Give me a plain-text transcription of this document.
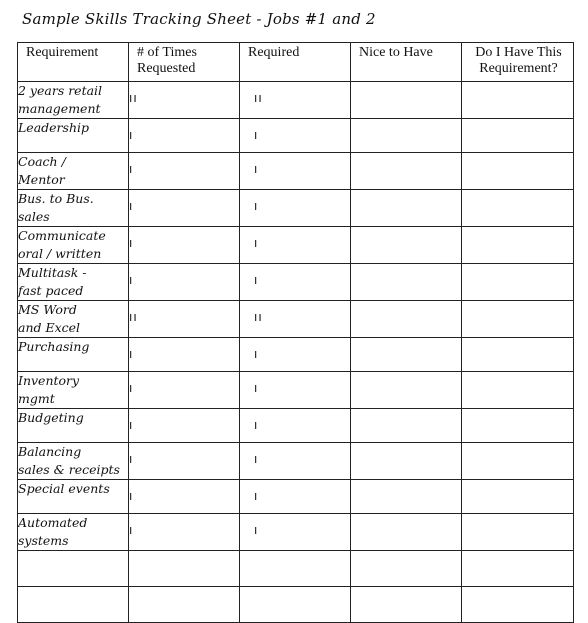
Sample Skills Tracking Sheet - Jobs #1 and 2
Requirement	# of Times Requested	Required	Nice to Have	Do I Have This Requirement?
2 years retail
management	ıı	ıı		
Leadership	ı	ı		
Coach /
Mentor	ı	ı		
Bus. to Bus.
sales	ı	ı		
Communicate
oral / written	ı	ı		
Multitask -
fast paced	ı	ı		
MS Word
and Excel	ıı	ıı		
Purchasing	ı	ı		
Inventory
mgmt	ı	ı		
Budgeting	ı	ı		
Balancing
sales & receipts	ı	ı		
Special events	ı	ı		
Automated
systems	ı	ı		
